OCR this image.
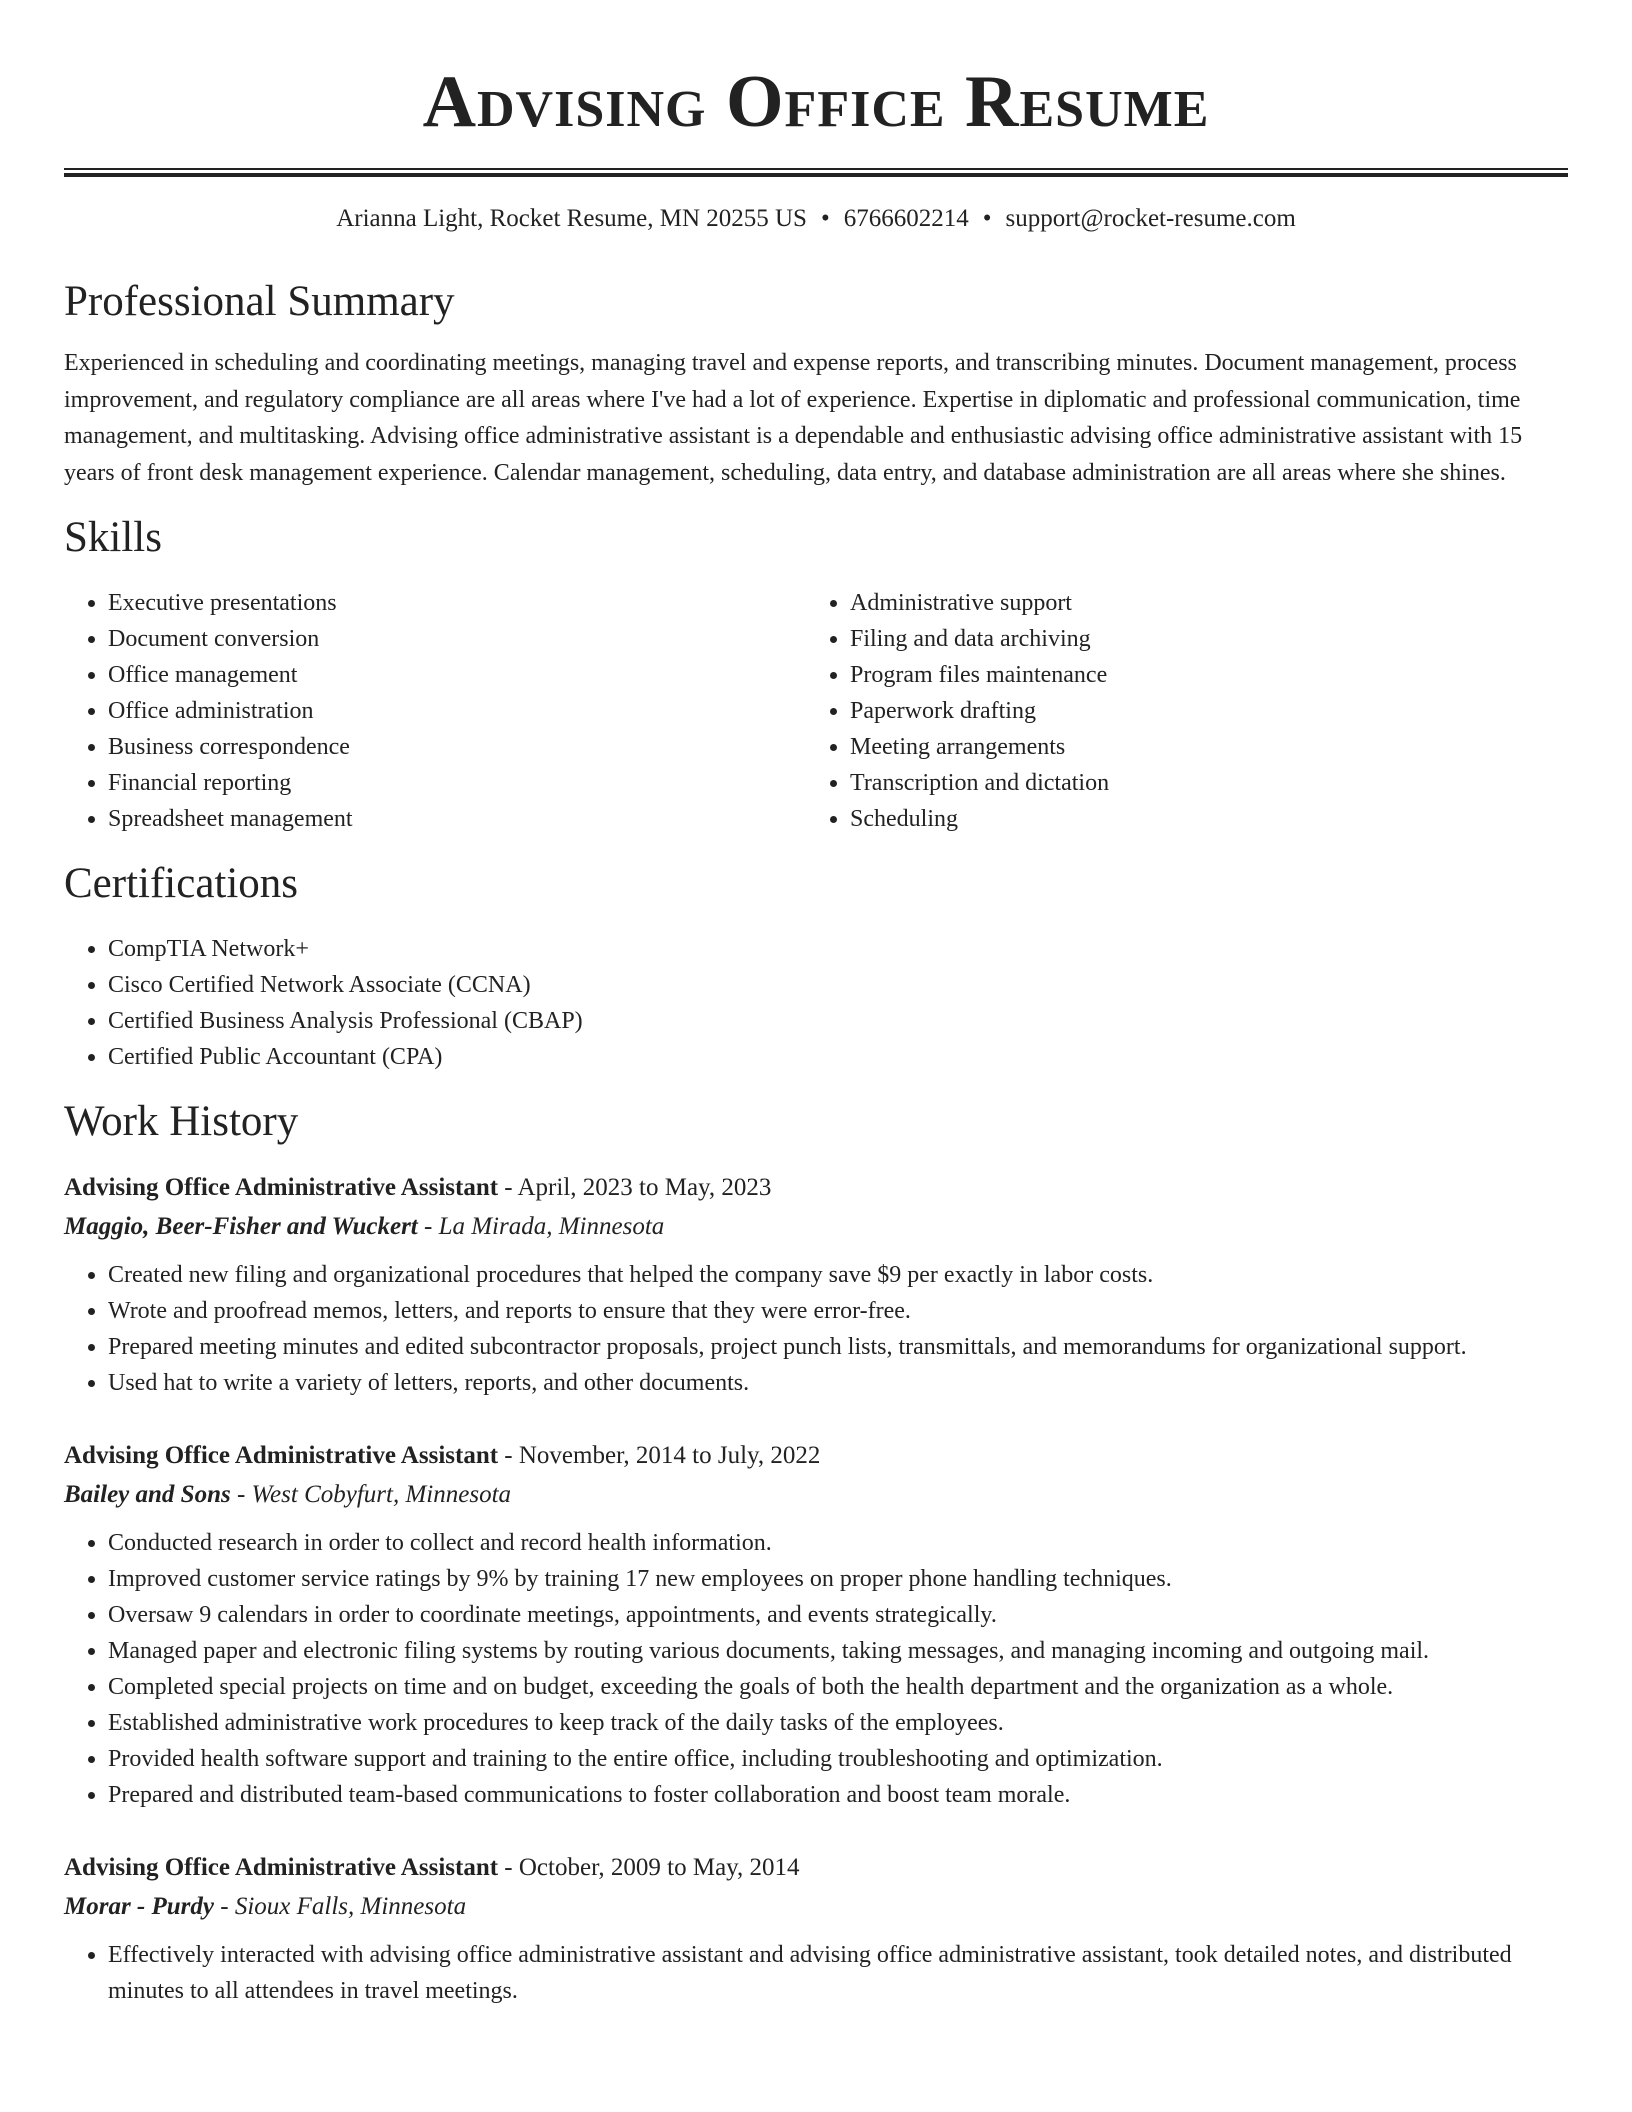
Advising Office Resume
Arianna Light, Rocket Resume, MN 20255 US • 6766602214 • support@rocket-resume.com
Professional Summary

Experienced in scheduling and coordinating meetings, managing travel and expense reports, and transcribing minutes. Document management, process improvement, and regulatory compliance are all areas where I've had a lot of experience. Expertise in diplomatic and professional communication, time management, and multitasking. Advising office administrative assistant is a dependable and enthusiastic advising office administrative assistant with 15 years of front desk management experience. Calendar management, scheduling, data entry, and database administration are all areas where she shines.

Skills
• Executive presentations
• Document conversion
• Office management
• Office administration
• Business correspondence
• Financial reporting
• Spreadsheet management
• Administrative support
• Filing and data archiving
• Program files maintenance
• Paperwork drafting
• Meeting arrangements
• Transcription and dictation
• Scheduling
Certifications
• CompTIA Network+
• Cisco Certified Network Associate (CCNA)
• Certified Business Analysis Professional (CBAP)
• Certified Public Accountant (CPA)
Work History
Advising Office Administrative Assistant - April, 2023 to May, 2023
Maggio, Beer-Fisher and Wuckert - La Mirada, Minnesota
• Created new filing and organizational procedures that helped the company save $9 per exactly in labor costs.
• Wrote and proofread memos, letters, and reports to ensure that they were error-free.
• Prepared meeting minutes and edited subcontractor proposals, project punch lists, transmittals, and memorandums for organizational support.
• Used hat to write a variety of letters, reports, and other documents.
Advising Office Administrative Assistant - November, 2014 to July, 2022
Bailey and Sons - West Cobyfurt, Minnesota
• Conducted research in order to collect and record health information.
• Improved customer service ratings by 9% by training 17 new employees on proper phone handling techniques.
• Oversaw 9 calendars in order to coordinate meetings, appointments, and events strategically.
• Managed paper and electronic filing systems by routing various documents, taking messages, and managing incoming and outgoing mail.
• Completed special projects on time and on budget, exceeding the goals of both the health department and the organization as a whole.
• Established administrative work procedures to keep track of the daily tasks of the employees.
• Provided health software support and training to the entire office, including troubleshooting and optimization.
• Prepared and distributed team-based communications to foster collaboration and boost team morale.
Advising Office Administrative Assistant - October, 2009 to May, 2014
Morar - Purdy - Sioux Falls, Minnesota
• Effectively interacted with advising office administrative assistant and advising office administrative assistant, took detailed notes, and distributed minutes to all attendees in travel meetings.
